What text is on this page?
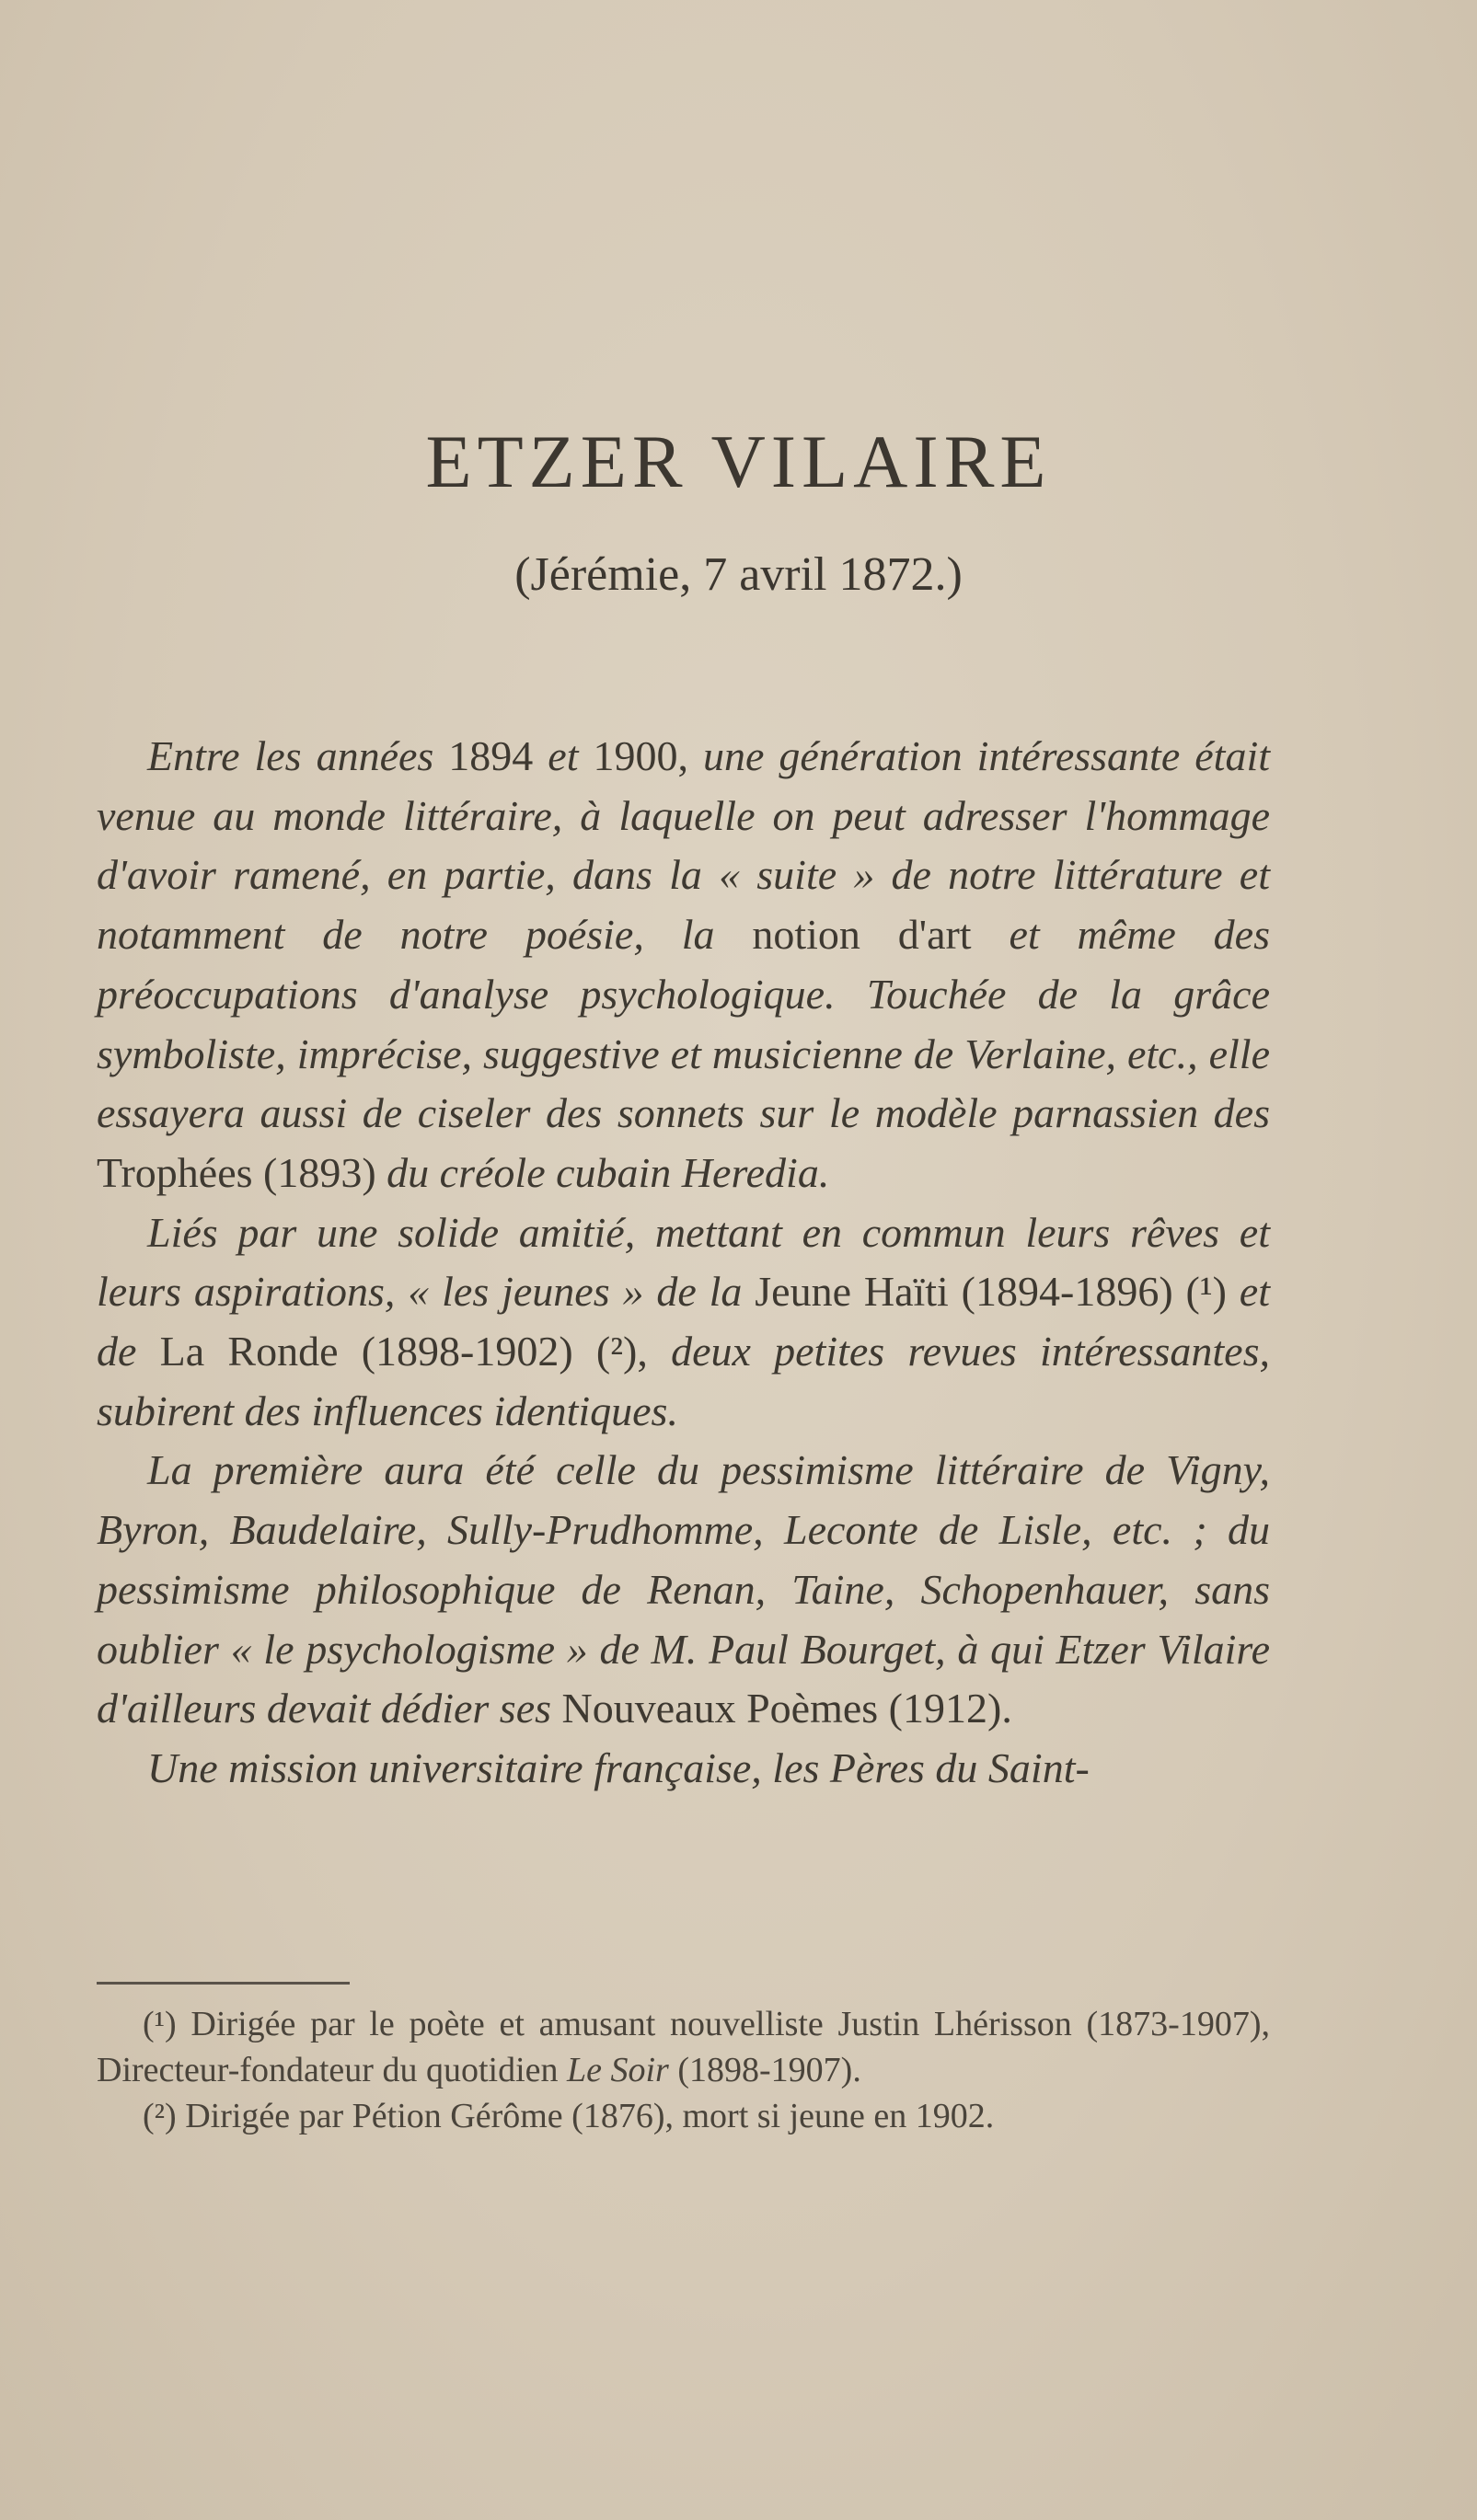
ETZER VILAIRE
(Jérémie, 7 avril 1872.)

Entre les années 1894 et 1900, une génération intéressante était venue au monde littéraire, à laquelle on peut adresser l'hommage d'avoir ramené, en partie, dans la « suite » de notre littérature et notamment de notre poésie, la notion d'art et même des préoccupations d'analyse psychologique. Touchée de la grâce symboliste, imprécise, suggestive et musicienne de Verlaine, etc., elle essayera aussi de ciseler des sonnets sur le modèle parnassien des Trophées (1893) du créole cubain Heredia.

Liés par une solide amitié, mettant en commun leurs rêves et leurs aspirations, « les jeunes » de la Jeune Haïti (1894-1896) (¹) et de La Ronde (1898-1902) (²), deux petites revues intéressantes, subirent des influences identiques.

La première aura été celle du pessimisme littéraire de Vigny, Byron, Baudelaire, Sully-Prudhomme, Leconte de Lisle, etc. ; du pessimisme philosophique de Renan, Taine, Schopenhauer, sans oublier « le psychologisme » de M. Paul Bourget, à qui Etzer Vilaire d'ailleurs devait dédier ses Nouveaux Poèmes (1912).

Une mission universitaire française, les Pères du Saint-

(¹) Dirigée par le poète et amusant nouvelliste Justin Lhérisson (1873-1907), Directeur-fondateur du quotidien Le Soir (1898-1907).

(²) Dirigée par Pétion Gérôme (1876), mort si jeune en 1902.
